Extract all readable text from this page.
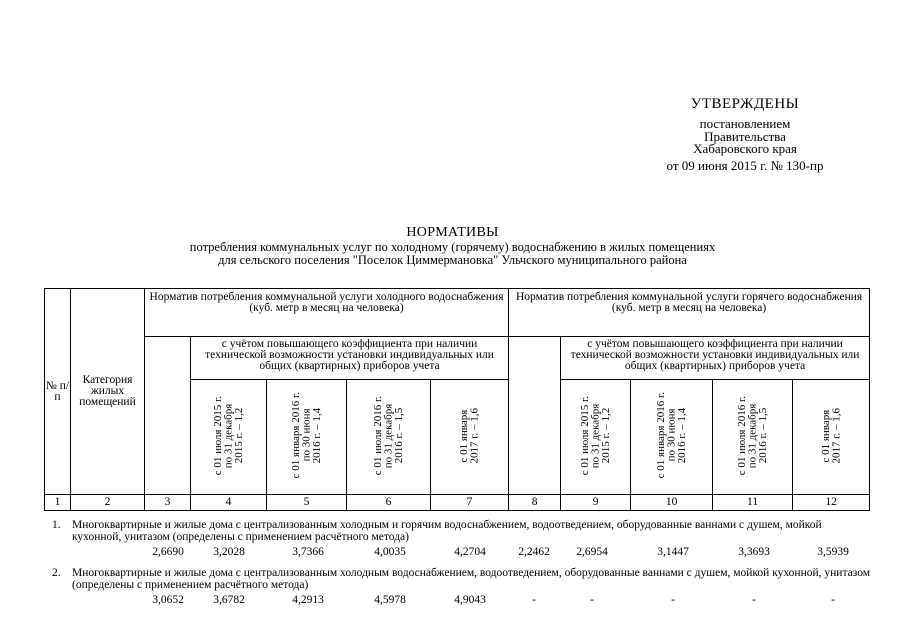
УТВЕРЖДЕНЫ
постановлением
Правительства
Хабаровского края
от 09 июня 2015 г. № 130-пр
НОРМАТИВЫ
потребления коммунальных услуг по холодному (горячему) водоснабжению в жилых помещениях
для сельского поселения "Поселок Циммермановка" Ульчского муниципального района
№ п/п	Категория жилых помещений	Норматив потребления коммунальной услуги холодного водоснабжения (куб. метр в месяц на человека)					Норматив потребления коммунальной услуги горячего водоснабжения (куб. метр в месяц на человека)				
			с учётом повышающего коэффициента при наличии технической возможности установки индивидуальных или общих (квартирных) приборов учета					с учётом повышающего коэффициента при наличии технической возможности установки индивидуальных или общих (квартирных) приборов учета			
			с 01 июля 2015 г.
по 31 декабря
2015 г. – 1,2	с 01 января 2016 г.
по 30 июня
2016 г. – 1,4	с 01 июля 2016 г.
по 31 декабря
2016 г. – 1,5	с 01 января
2017 г. – 1,6		с 01 июля 2015 г.
по 31 декабря
2015 г. – 1,2	с 01 января 2016 г.
по 30 июня
2016 г. – 1,4	с 01 июля 2016 г.
по 31 декабря
2016 г. – 1,5	с 01 января
2017 г. – 1,6
1	2	3	4	5	6	7	8	9	10	11	12
1. Многоквартирные и жилые дома с централизованным холодным и горячим водоснабжением, водоотведением, оборудованные ваннами с душем, мойкой кухонной, унитазом (определены с применением расчётного метода)
2,6690	3,2028	3,7366	4,0035	4,2704	2,2462	2,6954	3,1447	3,3693	3,5939
2. Многоквартирные и жилые дома с централизованным холодным водоснабжением, водоотведением, оборудованные ваннами с душем, мойкой кухонной, унитазом (определены с применением расчётного метода)
3,0652	3,6782	4,2913	4,5978	4,9043	-	-	-	-	-
